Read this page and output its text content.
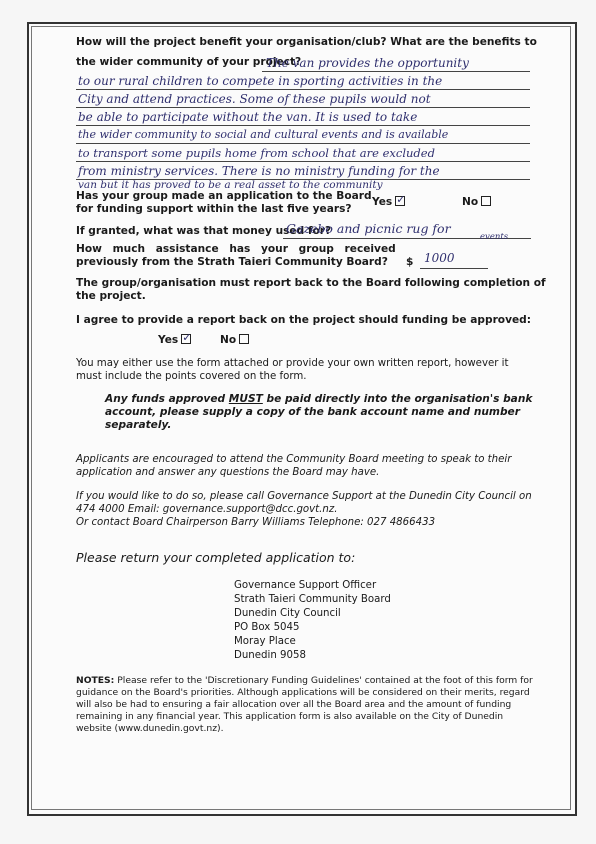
How will the project benefit your organisation/club? What are the benefits to
the wider community of your project?
The van provides the opportunity
to our rural children to compete in sporting activities in the
City and attend practices. Some of these pupils would not
be able to participate without the van. It is used to take
the wider community to social and cultural events and is available
to transport some pupils home from school that are excluded
from ministry services. There is no ministry funding for the
van but it has proved to be a real asset to the community
Has your group made an application to the Board
for funding support within the last five years?
Yes ✓	No
If granted, what was that money used for?
Gazebo and picnic rug for
events
How much assistance has your group received
previously from the Strath Taieri Community Board? $ 1000
The group/organisation must report back to the Board following completion of
the project.
I agree to provide a report back on the project should funding be approved:
Yes ✓	No
You may either use the form attached or provide your own written report, however it
must include the points covered on the form.
Any funds approved MUST be paid directly into the organisation's bank
account, please supply a copy of the bank account name and number
separately.
Applicants are encouraged to attend the Community Board meeting to speak to their
application and answer any questions the Board may have.
If you would like to do so, please call Governance Support at the Dunedin City Council on
474 4000 Email: governance.support@dcc.govt.nz.
Or contact Board Chairperson Barry Williams Telephone: 027 4866433
Please return your completed application to:
Governance Support Officer
Strath Taieri Community Board
Dunedin City Council
PO Box 5045
Moray Place
Dunedin 9058
NOTES: Please refer to the 'Discretionary Funding Guidelines' contained at the foot of this form for
guidance on the Board's priorities. Although applications will be considered on their merits, regard
will also be had to ensuring a fair allocation over all the Board area and the amount of funding
remaining in any financial year. This application form is also available on the City of Dunedin
website (www.dunedin.govt.nz).
